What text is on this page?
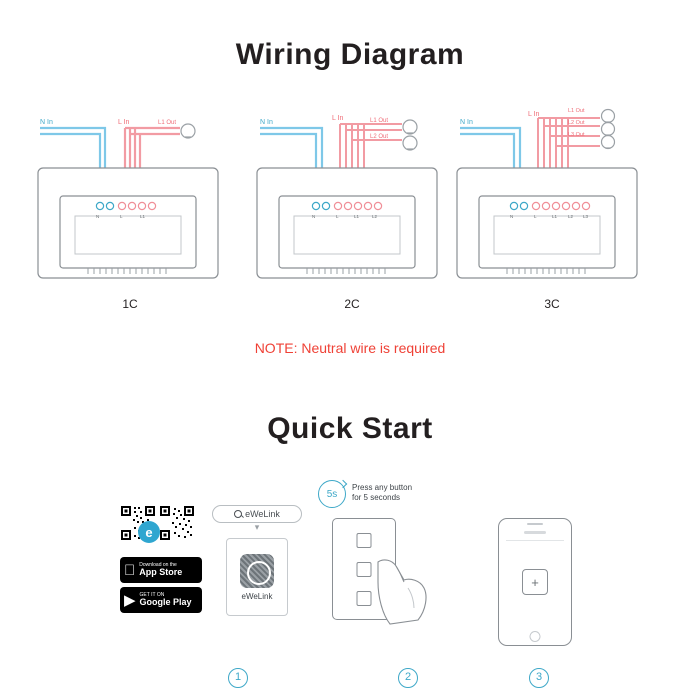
Wiring Diagram
N In	L In	L1 Out
N	L	L1
1C
N In
L In	L1 Out
L2 Out
N	L	L1	L2
2C
N In
L In	L1 Out
L2 Out
L3 Out
N	L	L1 L2 L3
3C
NOTE: Neutral wire is required
Quick Start
e
Download on the
App Store
▶ GET IT ON
Google Play
eWeLink
▾
eWeLink
1
5s
Press any button
for 5 seconds
2
+
3
